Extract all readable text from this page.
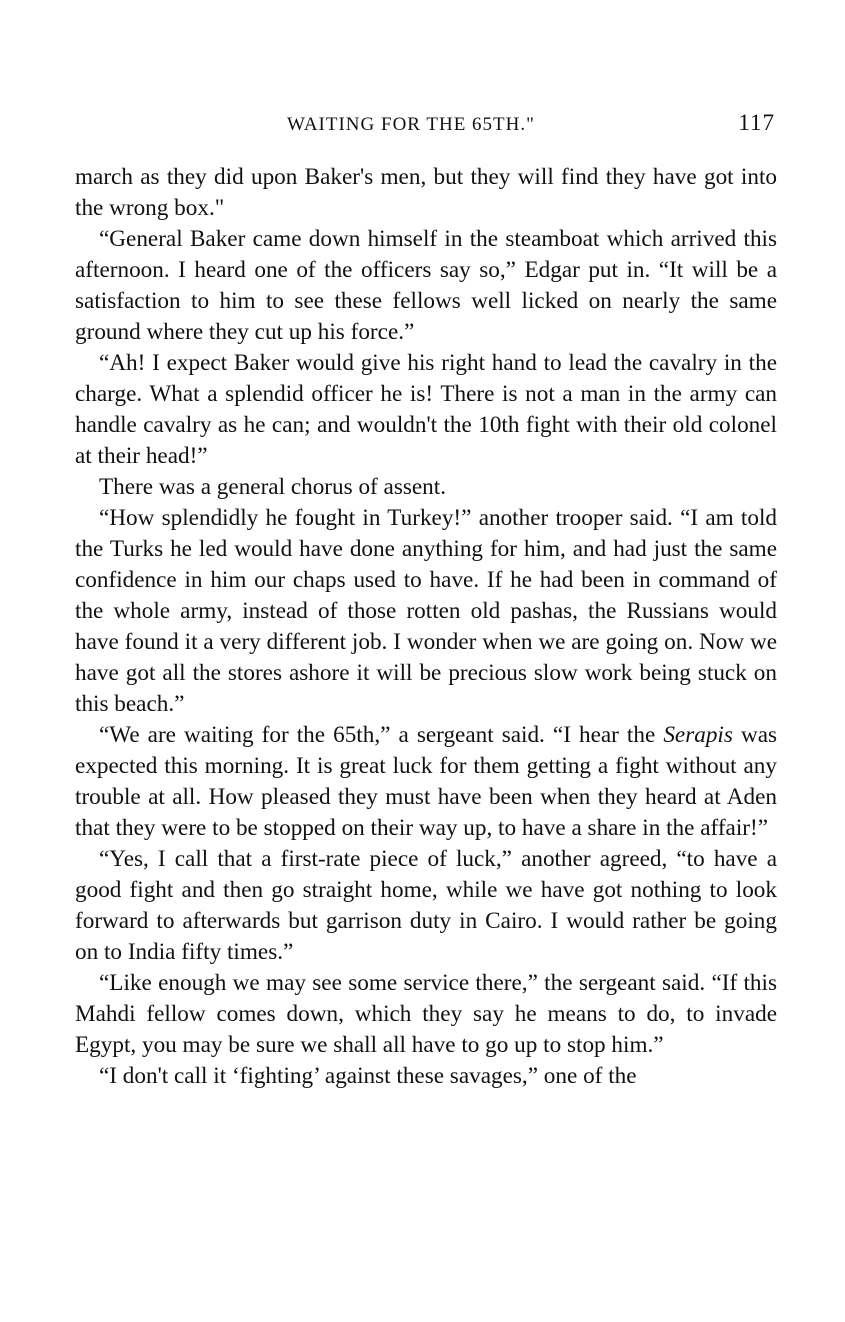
WAITING FOR THE 65TH."	117

march as they did upon Baker's men, but they will find they have got into the wrong box."

“General Baker came down himself in the steamboat which arrived this afternoon. I heard one of the officers say so,” Edgar put in. “It will be a satisfaction to him to see these fellows well licked on nearly the same ground where they cut up his force.”

“Ah! I expect Baker would give his right hand to lead the cavalry in the charge. What a splendid officer he is! There is not a man in the army can handle cavalry as he can; and wouldn't the 10th fight with their old colonel at their head!”

There was a general chorus of assent.

“How splendidly he fought in Turkey!” another trooper said. “I am told the Turks he led would have done anything for him, and had just the same confidence in him our chaps used to have. If he had been in command of the whole army, instead of those rotten old pashas, the Russians would have found it a very different job. I wonder when we are going on. Now we have got all the stores ashore it will be precious slow work being stuck on this beach.”

“We are waiting for the 65th,” a sergeant said. “I hear the Serapis was expected this morning. It is great luck for them getting a fight without any trouble at all. How pleased they must have been when they heard at Aden that they were to be stopped on their way up, to have a share in the affair!”

“Yes, I call that a first-rate piece of luck,” another agreed, “to have a good fight and then go straight home, while we have got nothing to look forward to afterwards but garrison duty in Cairo. I would rather be going on to India fifty times.”

“Like enough we may see some service there,” the sergeant said. “If this Mahdi fellow comes down, which they say he means to do, to invade Egypt, you may be sure we shall all have to go up to stop him.”

“I don't call it ‘fighting’ against these savages,” one of the
